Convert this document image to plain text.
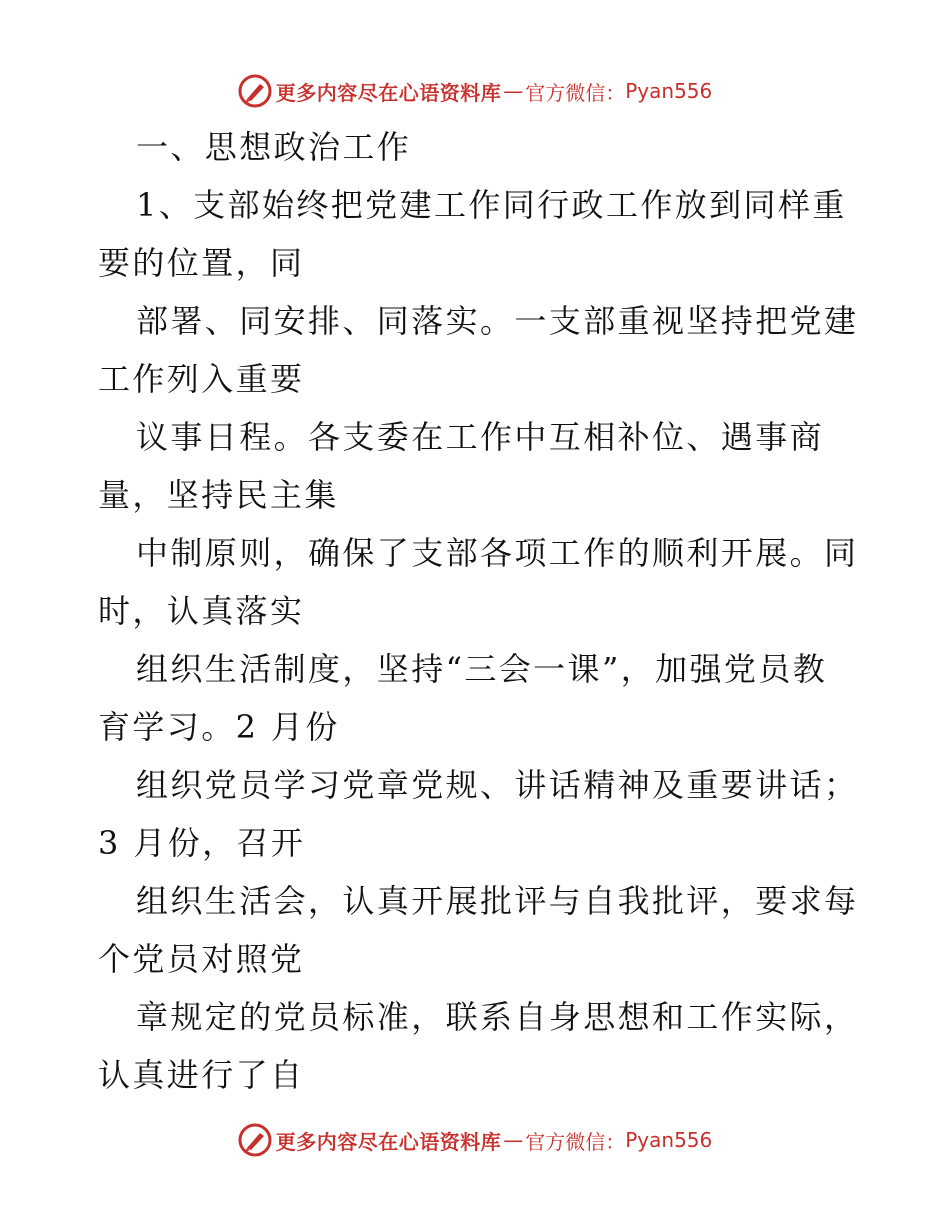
更多内容尽在心语资料库 — 官方微信： Pyan556
一、思想政治工作
1、支部始终把党建工作同行政工作放到同样重
要的位置，同
部署、同安排、同落实。一支部重视坚持把党建
工作列入重要
议事日程。各支委在工作中互相补位、遇事商
量，坚持民主集
中制原则，确保了支部各项工作的顺利开展。同
时，认真落实
组织生活制度，坚持“三会一课”，加强党员教
育学习。2 月份
组织党员学习党章党规、讲话精神及重要讲话；
3 月份，召开
组织生活会，认真开展批评与自我批评，要求每
个党员对照党
章规定的党员标准，联系自身思想和工作实际，
认真进行了自
更多内容尽在心语资料库 — 官方微信： Pyan556
